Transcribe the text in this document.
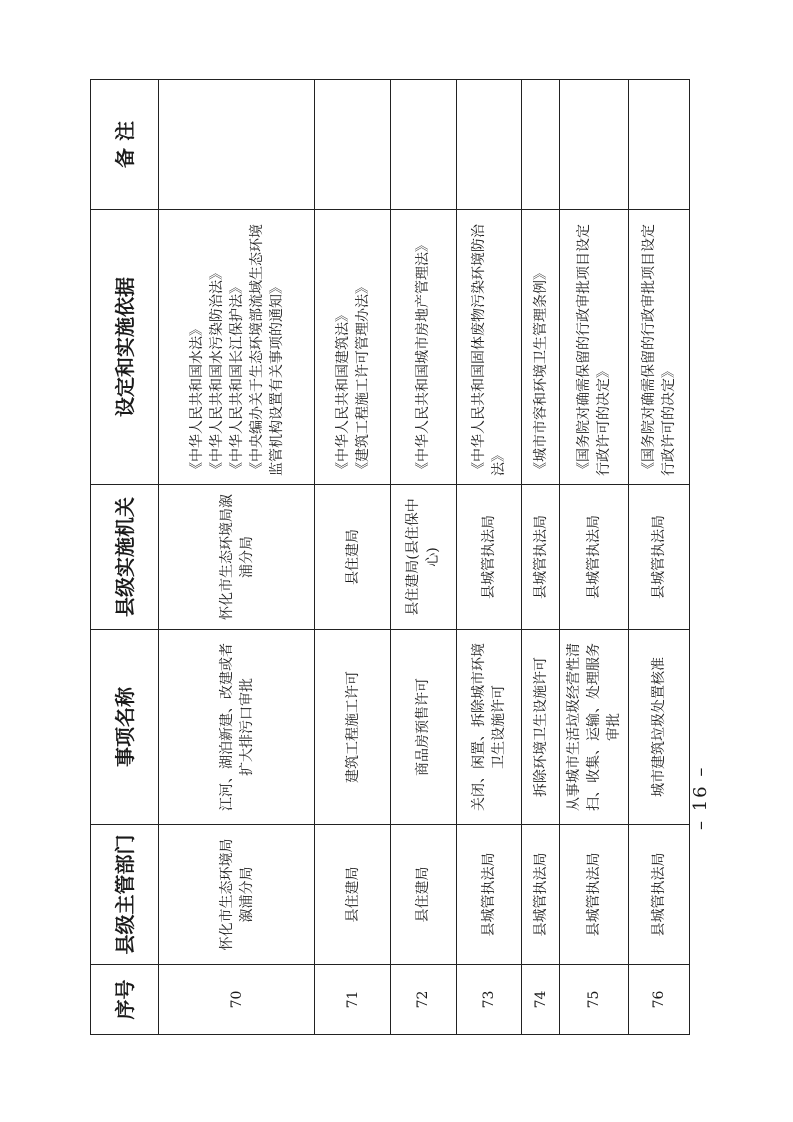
序号	县级主管部门	事项名称	县级实施机关	设定和实施依据	备 注
70	怀化市生态环境局溆浦分局	江河、湖泊新建、改建或者扩大排污口审批	怀化市生态环境局溆浦分局	《中华人民共和国水法》 《中华人民共和国水污染防治法》 《中华人民共和国长江保护法》 《中央编办关于生态环境部流域生态环境监管机构设置有关事项的通知》	

71	县住建局	建筑工程施工许可	县住建局	《中华人民共和国建筑法》 《建筑工程施工许可管理办法》	

72	县住建局	商品房预售许可	县住建局(县住保中心)	《中华人民共和国城市房地产管理法》	

73	县城管执法局	关闭、闲置、拆除城市环境卫生设施许可	县城管执法局	《中华人民共和国固体废物污染环境防治法》	

74	县城管执法局	拆除环境卫生设施许可	县城管执法局	《城市市容和环境卫生管理条例》	

75	县城管执法局	从事城市生活垃圾经营性清扫、收集、运输、处理服务审批	县城管执法局	《国务院对确需保留的行政审批项目设定行政许可的决定》	

76	县城管执法局	城市建筑垃圾处置核准	县城管执法局	《国务院对确需保留的行政审批项目设定行政许可的决定》	

– 16 –
